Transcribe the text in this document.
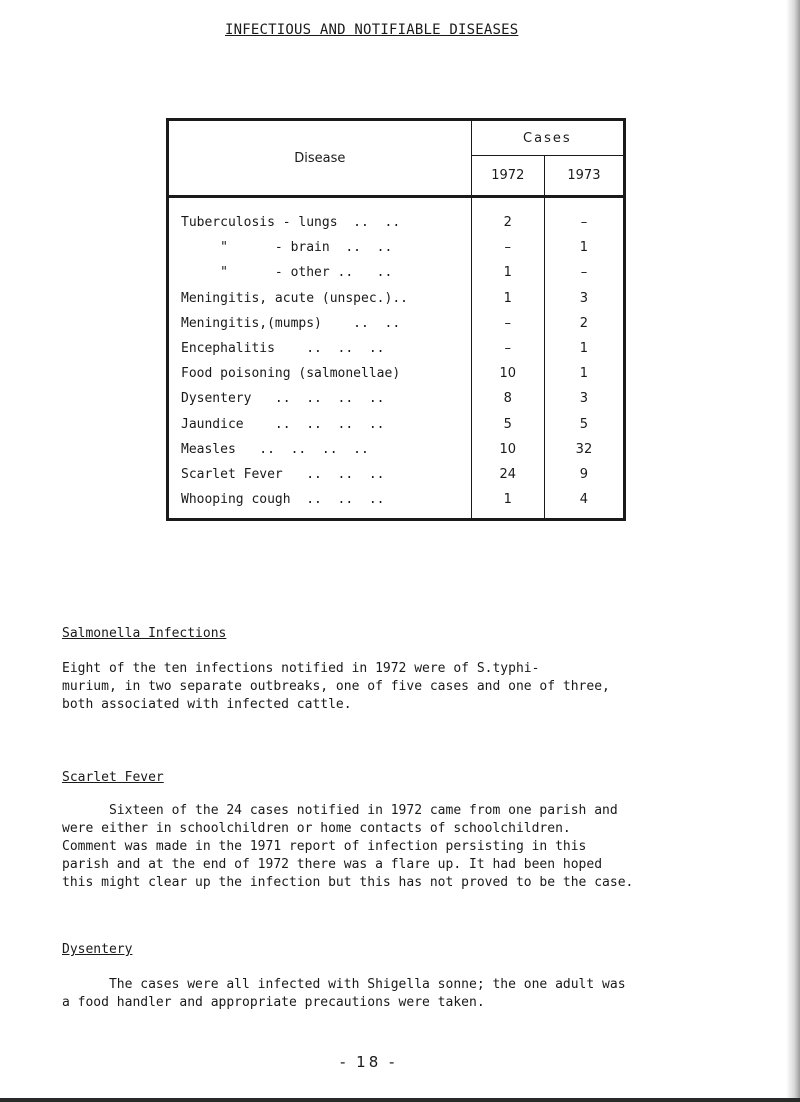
INFECTIOUS AND NOTIFIABLE DISEASES
Disease	Cases	
	1972	1973
Tuberculosis - lungs  ..  ..	2	–
"      - brain  ..  ..	–	1
"      - other ..   ..	1	–
Meningitis, acute (unspec.)..	1	3
Meningitis,(mumps)    ..  ..	–	2
Encephalitis    ..  ..  ..	–	1
Food poisoning (salmonellae)	10	1
Dysentery   ..  ..  ..  ..	8	3
Jaundice    ..  ..  ..  ..	5	5
Measles   ..  ..  ..  ..	10	32
Scarlet Fever   ..  ..  ..	24	9
Whooping cough  ..  ..  ..	1	4
Salmonella Infections
Eight of the ten infections notified in 1972 were of S.typhi-
murium, in two separate outbreaks, one of five cases and one of three,
both associated with infected cattle.
Scarlet Fever
Sixteen of the 24 cases notified in 1972 came from one parish and
were either in schoolchildren or home contacts of schoolchildren.
Comment was made in the 1971 report of infection persisting in this
parish and at the end of 1972 there was a flare up. It had been hoped
this might clear up the infection but this has not proved to be the case.
Dysentery
The cases were all infected with Shigella sonne; the one adult was
a food handler and appropriate precautions were taken.
- 18 -
